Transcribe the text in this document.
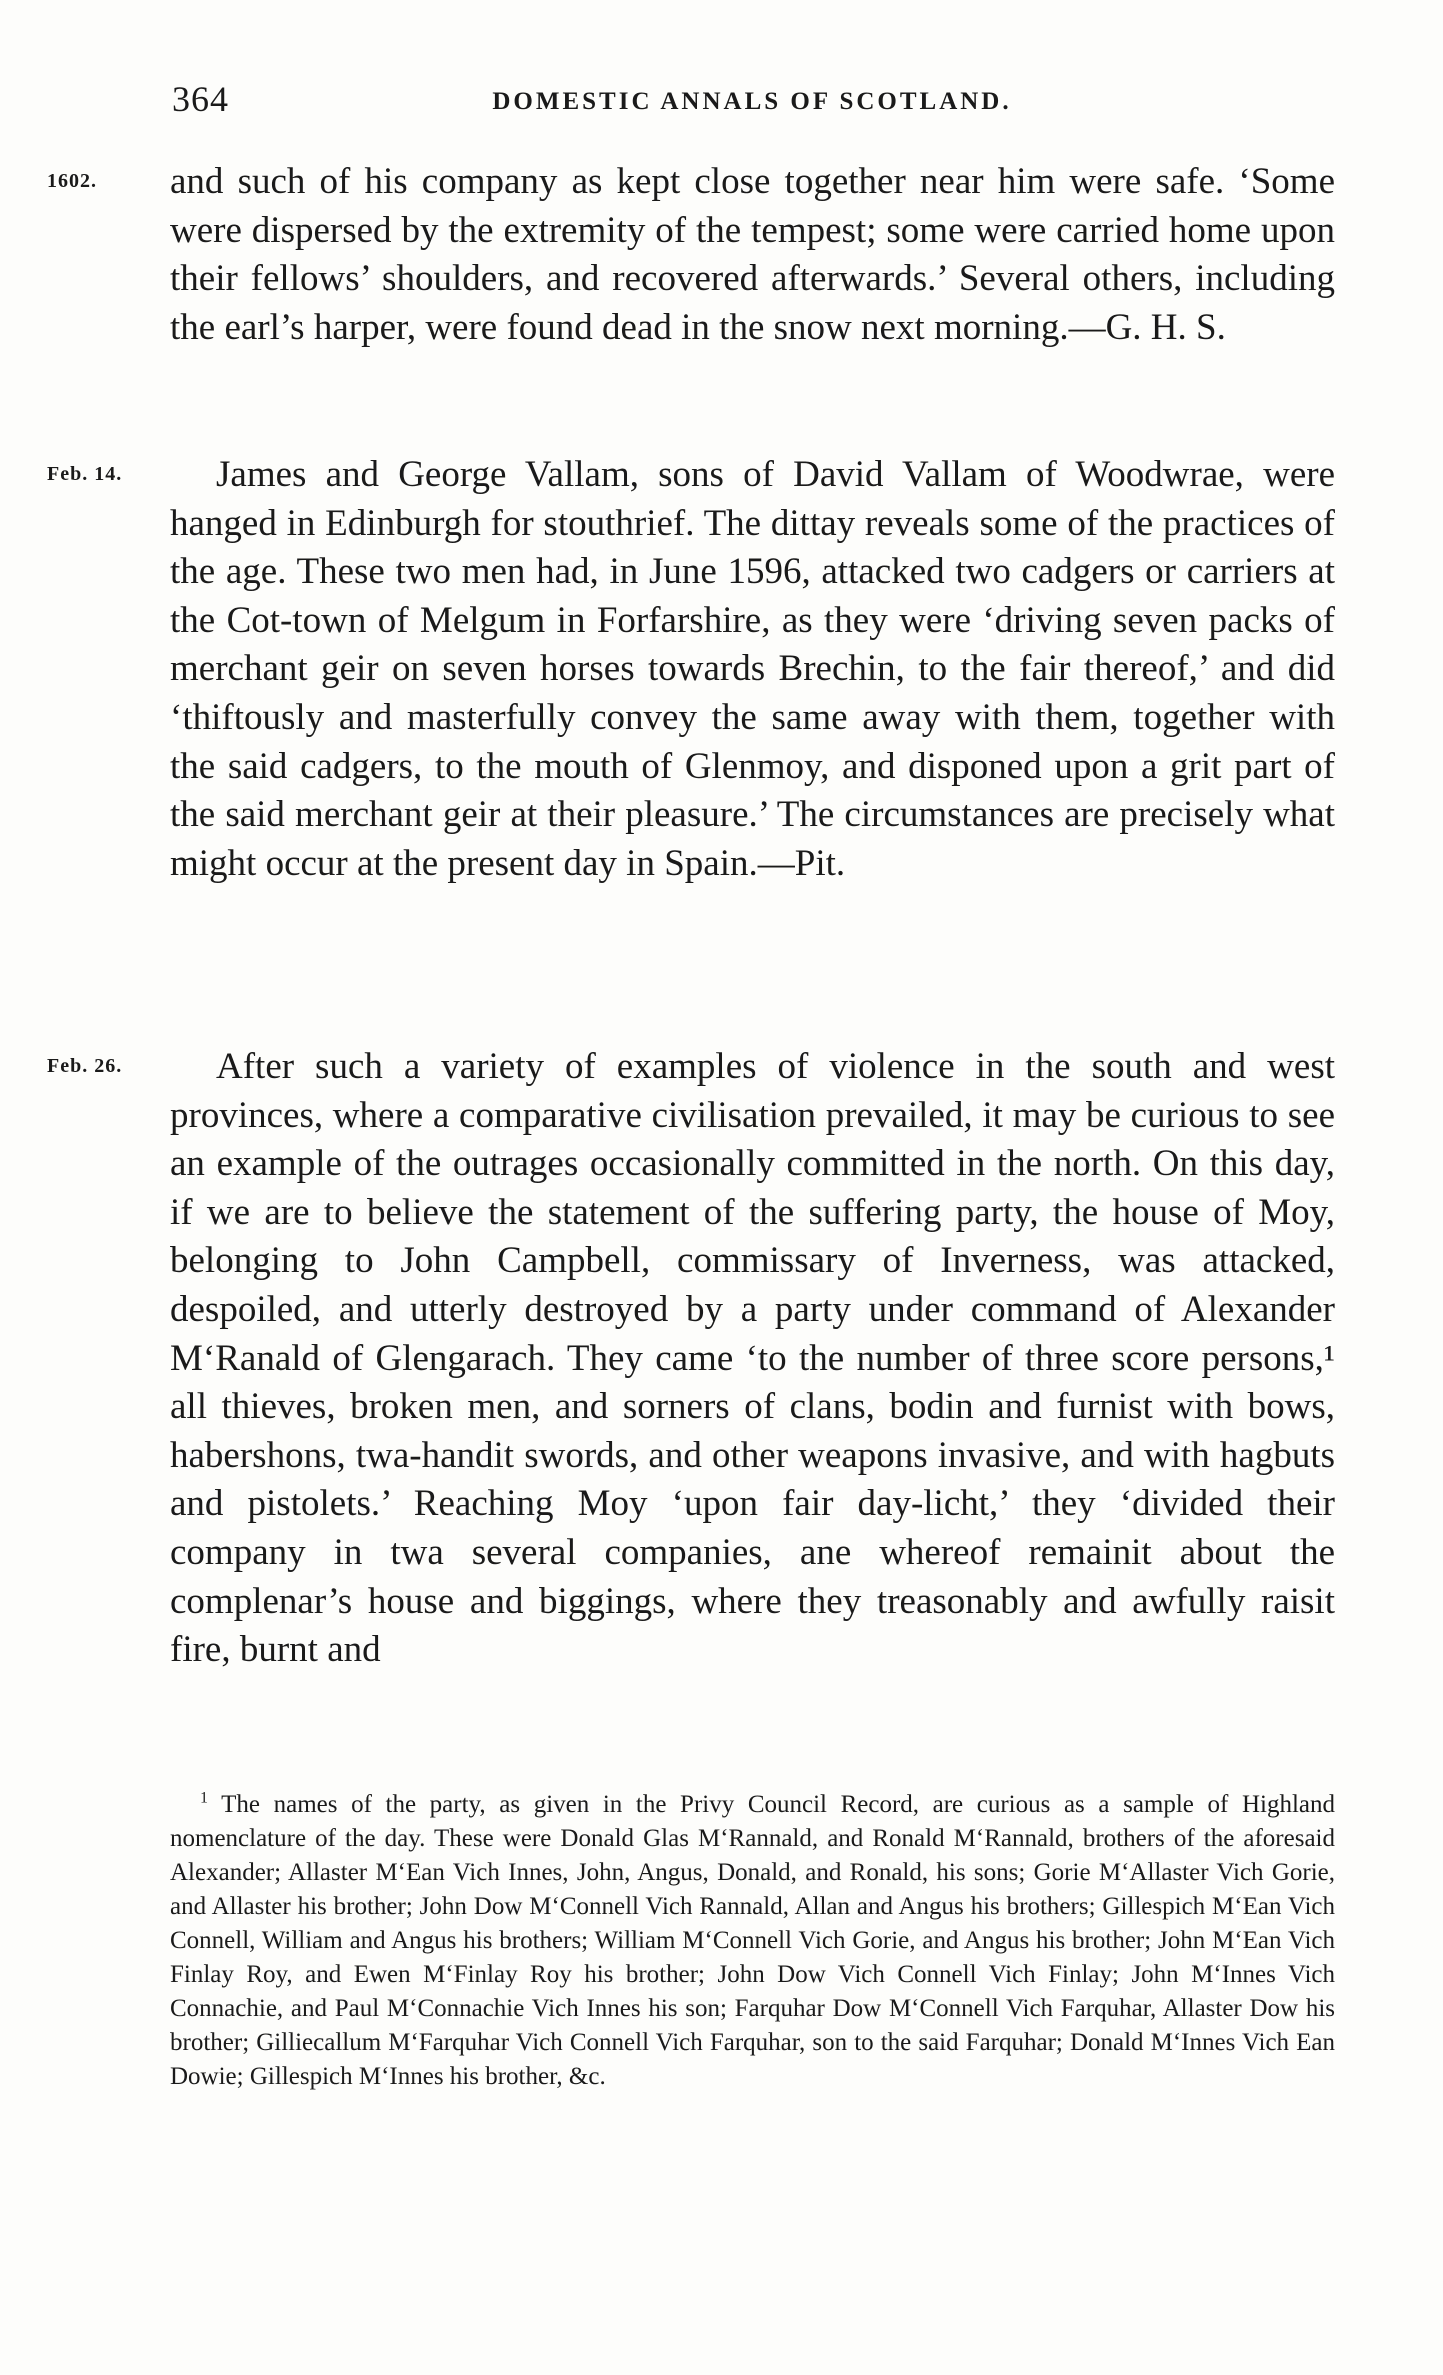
364	DOMESTIC ANNALS OF SCOTLAND.
1602.	and such of his company as kept close together near him were safe. ‘Some were dispersed by the extremity of the tempest; some were carried home upon their fellows’ shoulders, and recovered afterwards.’ Several others, including the earl’s harper, were found dead in the snow next morning.—G. H. S.

Feb. 14.	James and George Vallam, sons of David Vallam of Woodwrae, were hanged in Edinburgh for stouthrief. The dittay reveals some of the practices of the age. These two men had, in June 1596, attacked two cadgers or carriers at the Cot-town of Melgum in Forfarshire, as they were ‘driving seven packs of merchant geir on seven horses towards Brechin, to the fair thereof,’ and did ‘thiftously and masterfully convey the same away with them, together with the said cadgers, to the mouth of Glenmoy, and disponed upon a grit part of the said merchant geir at their pleasure.’ The circumstances are precisely what might occur at the present day in Spain.—Pit.

Feb. 26.	After such a variety of examples of violence in the south and west provinces, where a comparative civilisation prevailed, it may be curious to see an example of the outrages occasionally committed in the north. On this day, if we are to believe the statement of the suffering party, the house of Moy, belonging to John Campbell, commissary of Inverness, was attacked, despoiled, and utterly destroyed by a party under command of Alexander M‘Ranald of Glengarach. They came ‘to the number of three score persons,¹ all thieves, broken men, and sorners of clans, bodin and furnist with bows, habershons, twa-handit swords, and other weapons invasive, and with hagbuts and pistolets.’ Reaching Moy ‘upon fair day-licht,’ they ‘divided their company in twa several companies, ane whereof remainit about the complenar’s house and biggings, where they treasonably and awfully raisit fire, burnt and

$^1$ The names of the party, as given in the Privy Council Record, are curious as a sample of Highland nomenclature of the day. These were Donald Glas M‘Rannald, and Ronald M‘Rannald, brothers of the aforesaid Alexander; Allaster M‘Ean Vich Innes, John, Angus, Donald, and Ronald, his sons; Gorie M‘Allaster Vich Gorie, and Allaster his brother; John Dow M‘Connell Vich Rannald, Allan and Angus his brothers; Gillespich M‘Ean Vich Connell, William and Angus his brothers; William M‘Connell Vich Gorie, and Angus his brother; John M‘Ean Vich Finlay Roy, and Ewen M‘Finlay Roy his brother; John Dow Vich Connell Vich Finlay; John M‘Innes Vich Connachie, and Paul M‘Connachie Vich Innes his son; Farquhar Dow M‘Connell Vich Farquhar, Allaster Dow his brother; Gilliecallum M‘Farquhar Vich Connell Vich Farquhar, son to the said Farquhar; Donald M‘Innes Vich Ean Dowie; Gillespich M‘Innes his brother, &c.
